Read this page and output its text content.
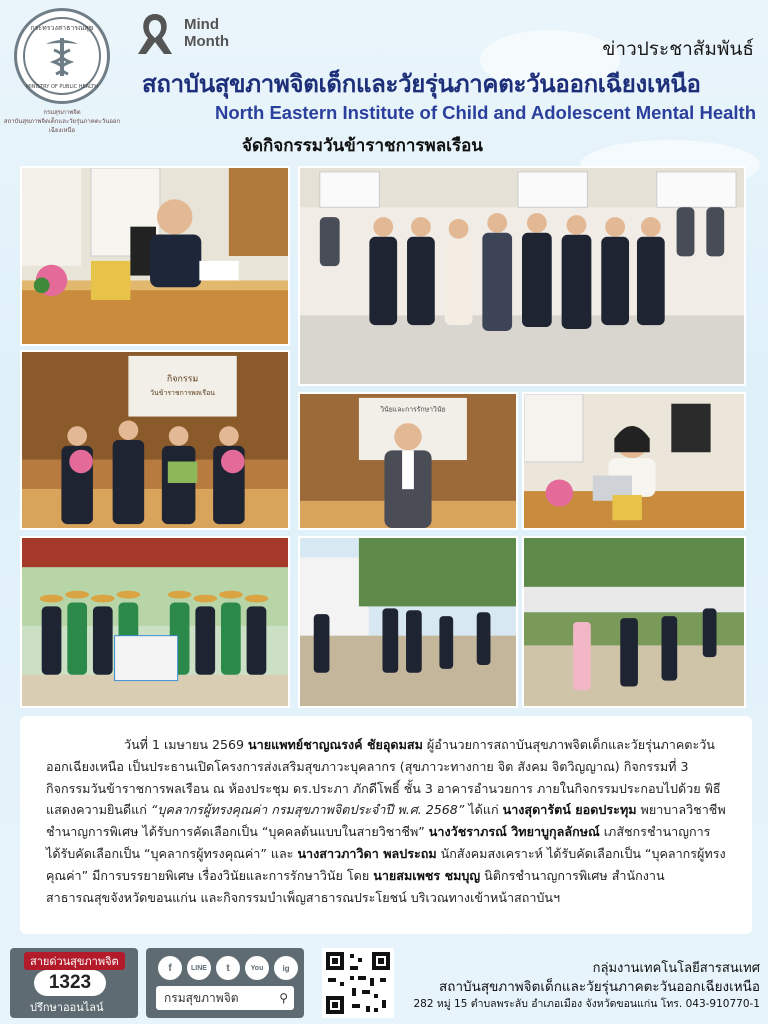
กระทรวงสาธารณสุข
MINISTRY OF PUBLIC HEALTH
กรมสุขภาพจิต
สถาบันสุขภาพจิตเด็กและวัยรุ่นภาคตะวันออกเฉียงเหนือ
Mind
Month	ข่าวประชาสัมพันธ์
สถาบันสุขภาพจิตเด็กและวัยรุ่นภาคตะวันออกเฉียงเหนือ
North Eastern Institute of Child and Adolescent Mental Health
จัดกิจกรรมวันข้าราชการพลเรือน
กิจกรรม
วันข้าราชการพลเรือน
วินัยและการรักษาวินัย
วันที่ 1 เมษายน 2569 นายแพทย์ชาญณรงค์ ชัยอุดมสม ผู้อำนวยการสถาบันสุขภาพจิตเด็กและวัยรุ่นภาคตะวันออกเฉียงเหนือ เป็นประธานเปิดโครงการส่งเสริมสุขภาวะบุคลากร (สุขภาวะทางกาย จิต สังคม จิตวิญญาณ) กิจกรรมที่ 3 กิจกรรมวันข้าราชการพลเรือน ณ ห้องประชุม ดร.ประภา ภักดีโพธิ์ ชั้น 3 อาคารอำนวยการ ภายในกิจกรรมประกอบไปด้วย พิธีแสดงความยินดีแก่ “บุคลากรผู้ทรงคุณค่า กรมสุขภาพจิตประจำปี พ.ศ. 2568” ได้แก่ นางสุดารัตน์ ยอดประทุม พยาบาลวิชาชีพชำนาญการพิเศษ ได้รับการคัดเลือกเป็น “บุคคลต้นแบบในสายวิชาชีพ” นางวัชราภรณ์ วิทยาบูกุลลักษณ์ เภสัชกรชำนาญการ ได้รับคัดเลือกเป็น “บุคลากรผู้ทรงคุณค่า” และ นางสาวภาวิดา พลประถม นักสังคมสงเคราะห์ ได้รับคัดเลือกเป็น “บุคลากรผู้ทรงคุณค่า” มีการบรรยายพิเศษ เรื่องวินัยและการรักษาวินัย โดย นายสมเพชร ชมบุญ นิติกรชำนาญการพิเศษ สำนักงานสาธารณสุขจังหวัดขอนแก่น และกิจกรรมบำเพ็ญสาธารณประโยชน์ บริเวณทางเข้าหน้าสถาบันฯ
สายด่วนสุขภาพจิต
1323
ปรึกษาออนไลน์
f	LINE	t	You	ig
กรมสุขภาพจิต	⚲
กลุ่มงานเทคโนโลยีสารสนเทศ
สถาบันสุขภาพจิตเด็กและวัยรุ่นภาคตะวันออกเฉียงเหนือ
282 หมู่ 15 ตำบลพระลับ อำเภอเมือง จังหวัดขอนแก่น โทร. 043-910770-1
